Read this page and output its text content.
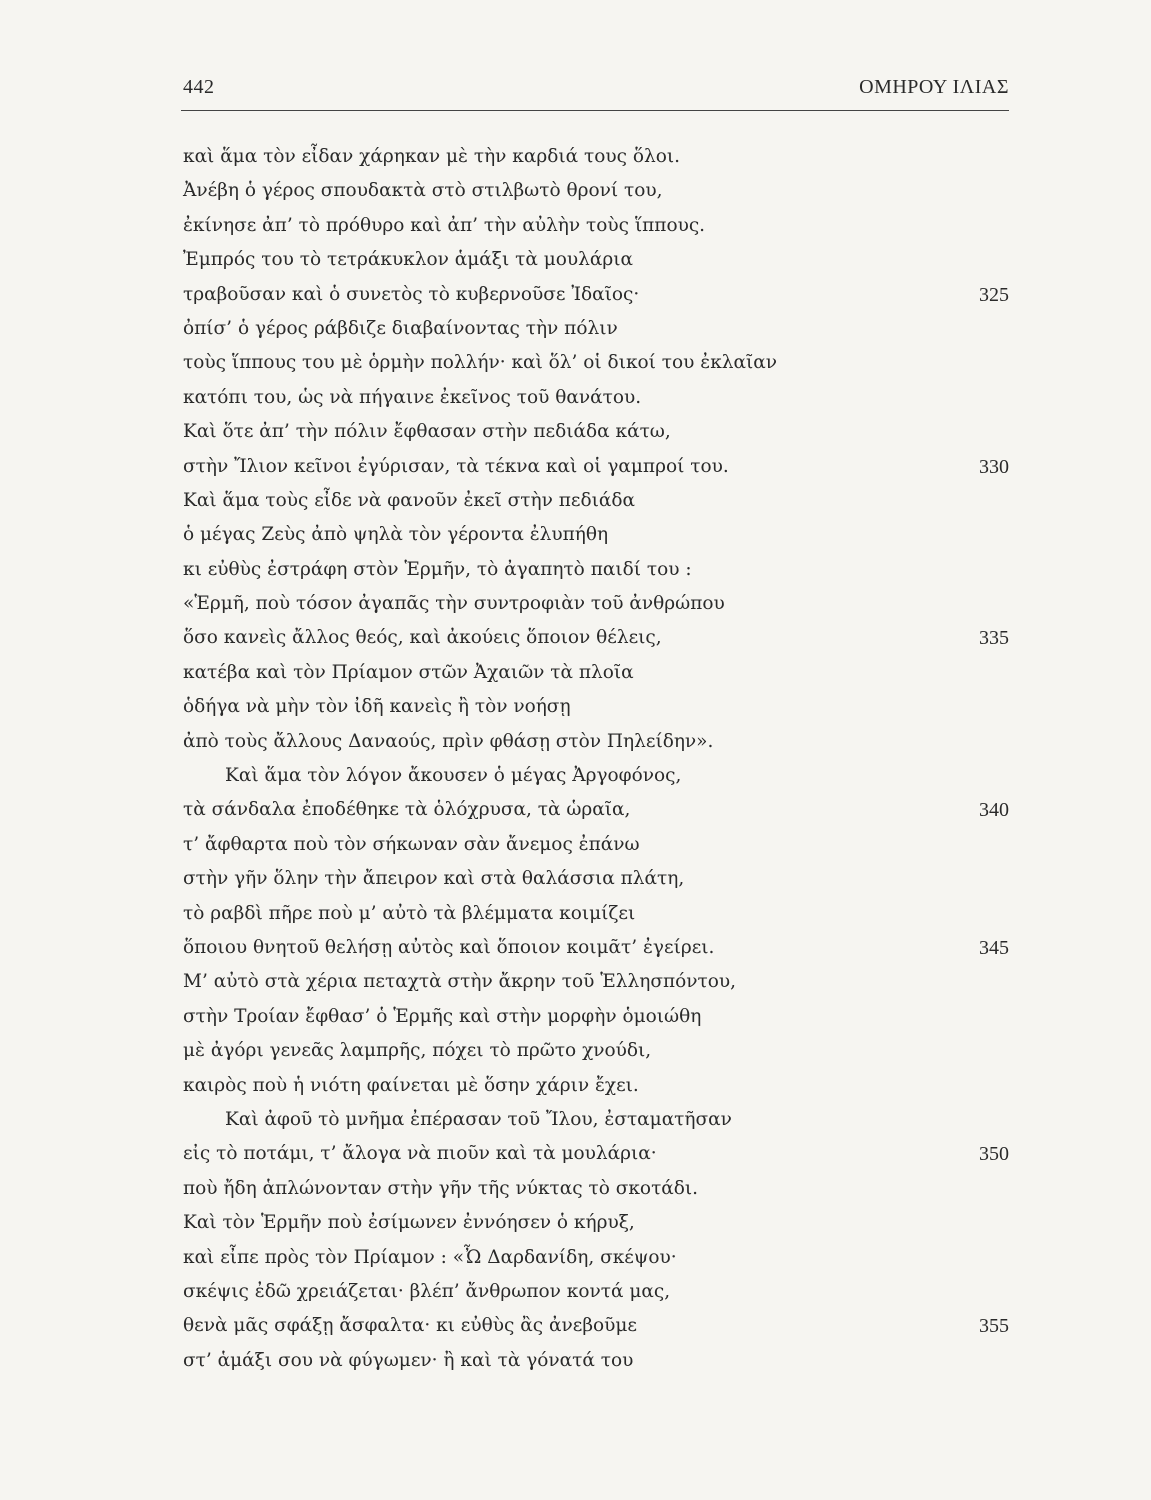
442	ΟΜΗΡΟΥ ΙΛΙΑΣ
καὶ ἅμα τὸν εἶδαν χάρηκαν μὲ τὴν καρδιά τους ὅλοι.
Ἀνέβη ὁ γέρος σπουδακτὰ στὸ στιλβωτὸ θρονί του,
ἐκίνησε ἀπ’ τὸ πρόθυρο καὶ ἀπ’ τὴν αὐλὴν τοὺς ἵππους.
Ἐμπρός του τὸ τετράκυκλον ἁμάξι τὰ μουλάρια
τραβοῦσαν καὶ ὁ συνετὸς τὸ κυβερνοῦσε Ἰδαῖος·	325
ὀπίσ’ ὁ γέρος ράβδιζε διαβαίνοντας τὴν πόλιν
τοὺς ἵππους του μὲ ὁρμὴν πολλήν· καὶ ὅλ’ οἱ δικοί του ἐκλαῖαν
κατόπι του, ὡς νὰ πήγαινε ἐκεῖνος τοῦ θανάτου.
Καὶ ὅτε ἀπ’ τὴν πόλιν ἔφθασαν στὴν πεδιάδα κάτω,
στὴν Ἴλιον κεῖνοι ἐγύρισαν, τὰ τέκνα καὶ οἱ γαμπροί του.	330
Καὶ ἅμα τοὺς εἶδε νὰ φανοῦν ἐκεῖ στὴν πεδιάδα
ὁ μέγας Ζεὺς ἀπὸ ψηλὰ τὸν γέροντα ἐλυπήθη
κι εὐθὺς ἐστράφη στὸν Ἑρμῆν, τὸ ἀγαπητὸ παιδί του :
«Ἑρμῆ, ποὺ τόσον ἀγαπᾶς τὴν συντροφιὰν τοῦ ἀνθρώπου
ὅσο κανεὶς ἄλλος θεός, καὶ ἀκούεις ὅποιον θέλεις,	335
κατέβα καὶ τὸν Πρίαμον στῶν Ἀχαιῶν τὰ πλοῖα
ὁδήγα νὰ μὴν τὸν ἰδῆ κανεὶς ἢ τὸν νοήσῃ
ἀπὸ τοὺς ἄλλους Δαναούς, πρὶν φθάσῃ στὸν Πηλείδην».
Καὶ ἅμα τὸν λόγον ἄκουσεν ὁ μέγας Ἀργοφόνος,
τὰ σάνδαλα ἐποδέθηκε τὰ ὁλόχρυσα, τὰ ὡραῖα,	340
τ’ ἄφθαρτα ποὺ τὸν σήκωναν σὰν ἄνεμος ἐπάνω
στὴν γῆν ὅλην τὴν ἄπειρον καὶ στὰ θαλάσσια πλάτη,
τὸ ραβδὶ πῆρε ποὺ μ’ αὐτὸ τὰ βλέμματα κοιμίζει
ὅποιου θνητοῦ θελήσῃ αὐτὸς καὶ ὅποιον κοιμᾶτ’ ἐγείρει.	345
Μ’ αὐτὸ στὰ χέρια πεταχτὰ στὴν ἄκρην τοῦ Ἑλλησπόντου,
στὴν Τροίαν ἔφθασ’ ὁ Ἑρμῆς καὶ στὴν μορφὴν ὁμοιώθη
μὲ ἀγόρι γενεᾶς λαμπρῆς, πόχει τὸ πρῶτο χνούδι,
καιρὸς ποὺ ἡ νιότη φαίνεται μὲ ὅσην χάριν ἔχει.
Καὶ ἀφοῦ τὸ μνῆμα ἐπέρασαν τοῦ Ἴλου, ἐσταματῆσαν
εἰς τὸ ποτάμι, τ’ ἄλογα νὰ πιοῦν καὶ τὰ μουλάρια·	350
ποὺ ἤδη ἁπλώνονταν στὴν γῆν τῆς νύκτας τὸ σκοτάδι.
Καὶ τὸν Ἑρμῆν ποὺ ἐσίμωνεν ἐννόησεν ὁ κήρυξ,
καὶ εἶπε πρὸς τὸν Πρίαμον : «Ὦ Δαρδανίδη, σκέψου·
σκέψις ἐδῶ χρειάζεται· βλέπ’ ἄνθρωπον κοντά μας,
θενὰ μᾶς σφάξῃ ἄσφαλτα· κι εὐθὺς ἂς ἀνεβοῦμε	355
στ’ ἁμάξι σου νὰ φύγωμεν· ἢ καὶ τὰ γόνατά του
